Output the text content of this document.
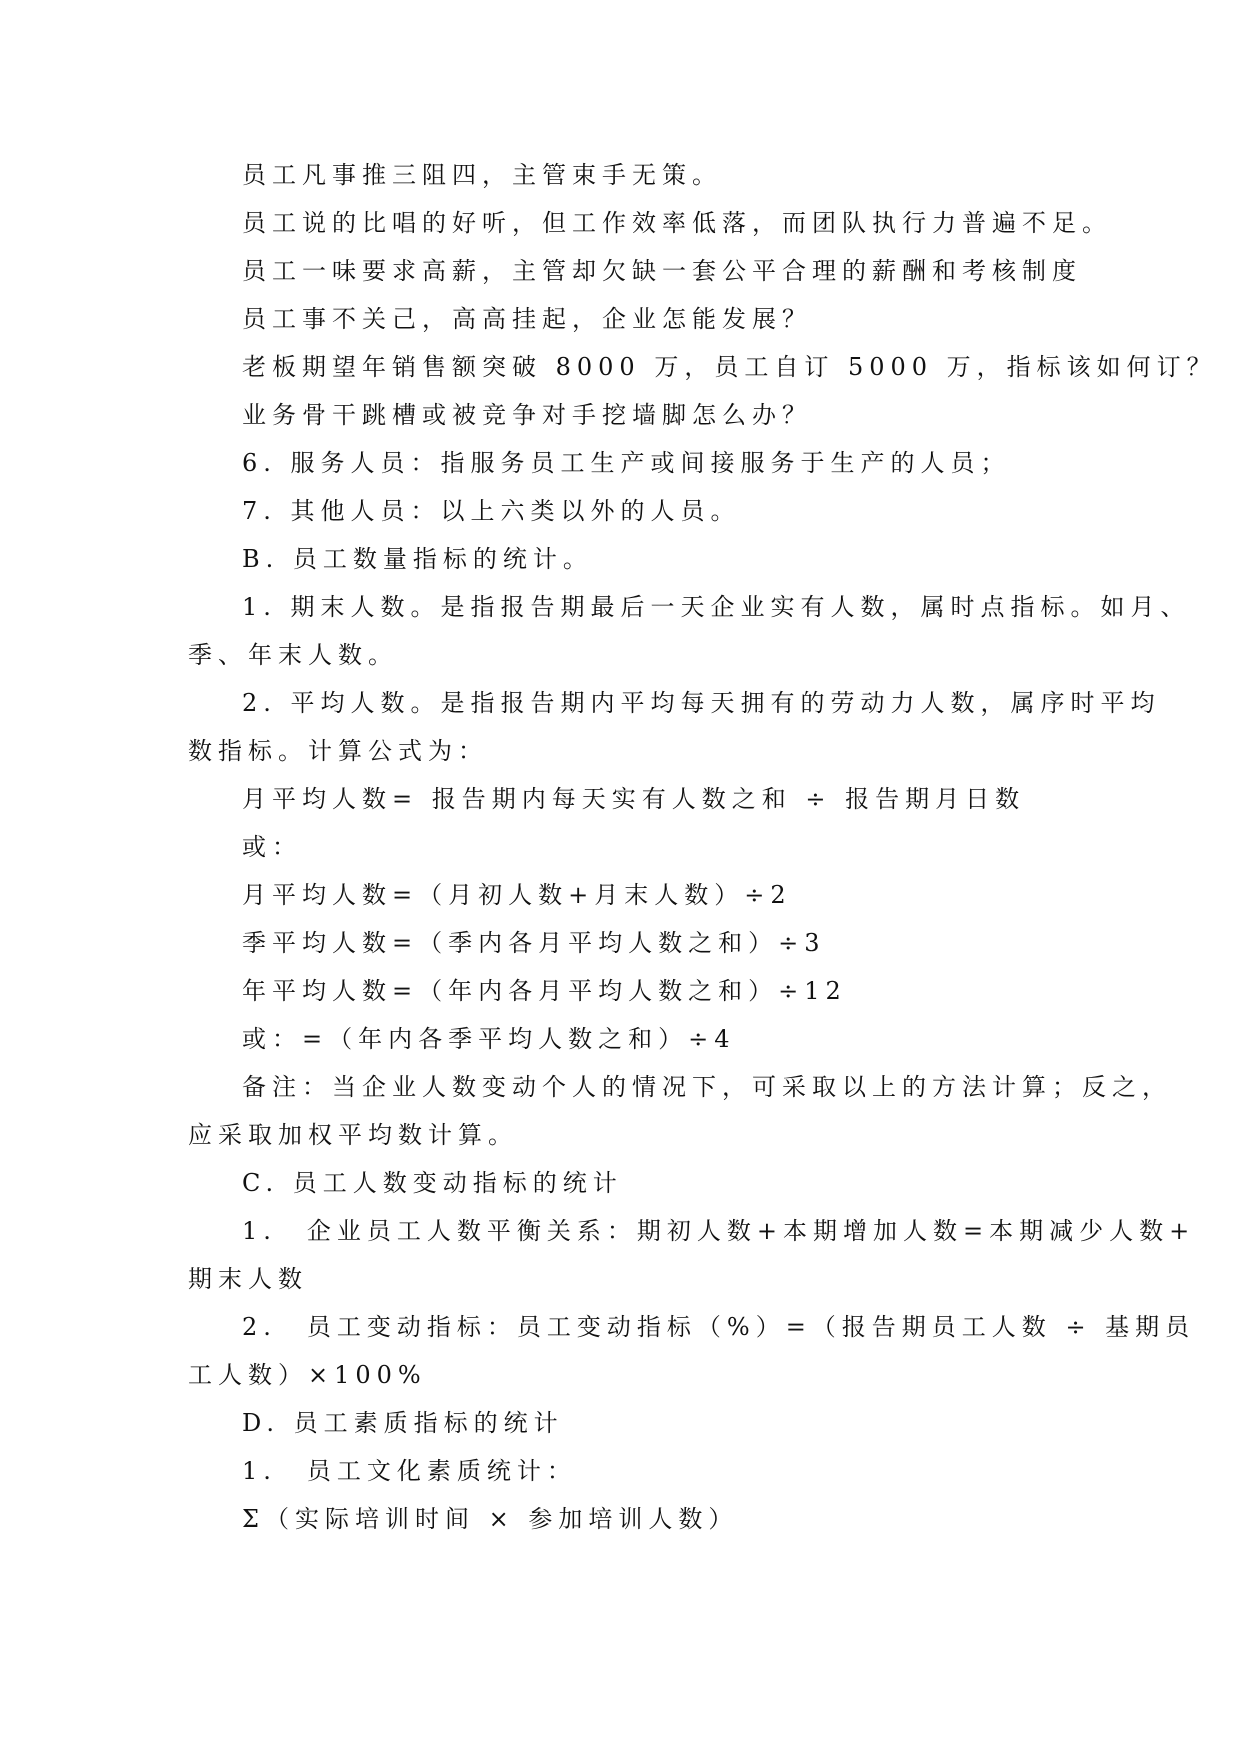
员工凡事推三阻四，主管束手无策。
员工说的比唱的好听，但工作效率低落，而团队执行力普遍不足。
员工一味要求高薪，主管却欠缺一套公平合理的薪酬和考核制度
员工事不关己，高高挂起，企业怎能发展？
老板期望年销售额突破 8000 万，员工自订 5000 万，指标该如何订？
业务骨干跳槽或被竞争对手挖墙脚怎么办？
6. 服务人员：指服务员工生产或间接服务于生产的人员；
7. 其他人员：以上六类以外的人员。
B. 员工数量指标的统计。
1. 期末人数。是指报告期最后一天企业实有人数，属时点指标。如月、
季、年末人数。
2. 平均人数。是指报告期内平均每天拥有的劳动力人数，属序时平均
数指标。计算公式为：
月平均人数= 报告期内每天实有人数之和 ÷ 报告期月日数
或：
月平均人数=（月初人数+月末人数）÷2
季平均人数=（季内各月平均人数之和）÷3
年平均人数=（年内各月平均人数之和）÷12
或：=（年内各季平均人数之和）÷4
备注：当企业人数变动个人的情况下，可采取以上的方法计算；反之，
应采取加权平均数计算。
C. 员工人数变动指标的统计
1.　企业员工人数平衡关系：期初人数+本期增加人数=本期减少人数+
期末人数
2.　员工变动指标：员工变动指标（%）=（报告期员工人数 ÷ 基期员
工人数）×100%
D. 员工素质指标的统计
1.　员工文化素质统计：
Σ（实际培训时间 × 参加培训人数）
